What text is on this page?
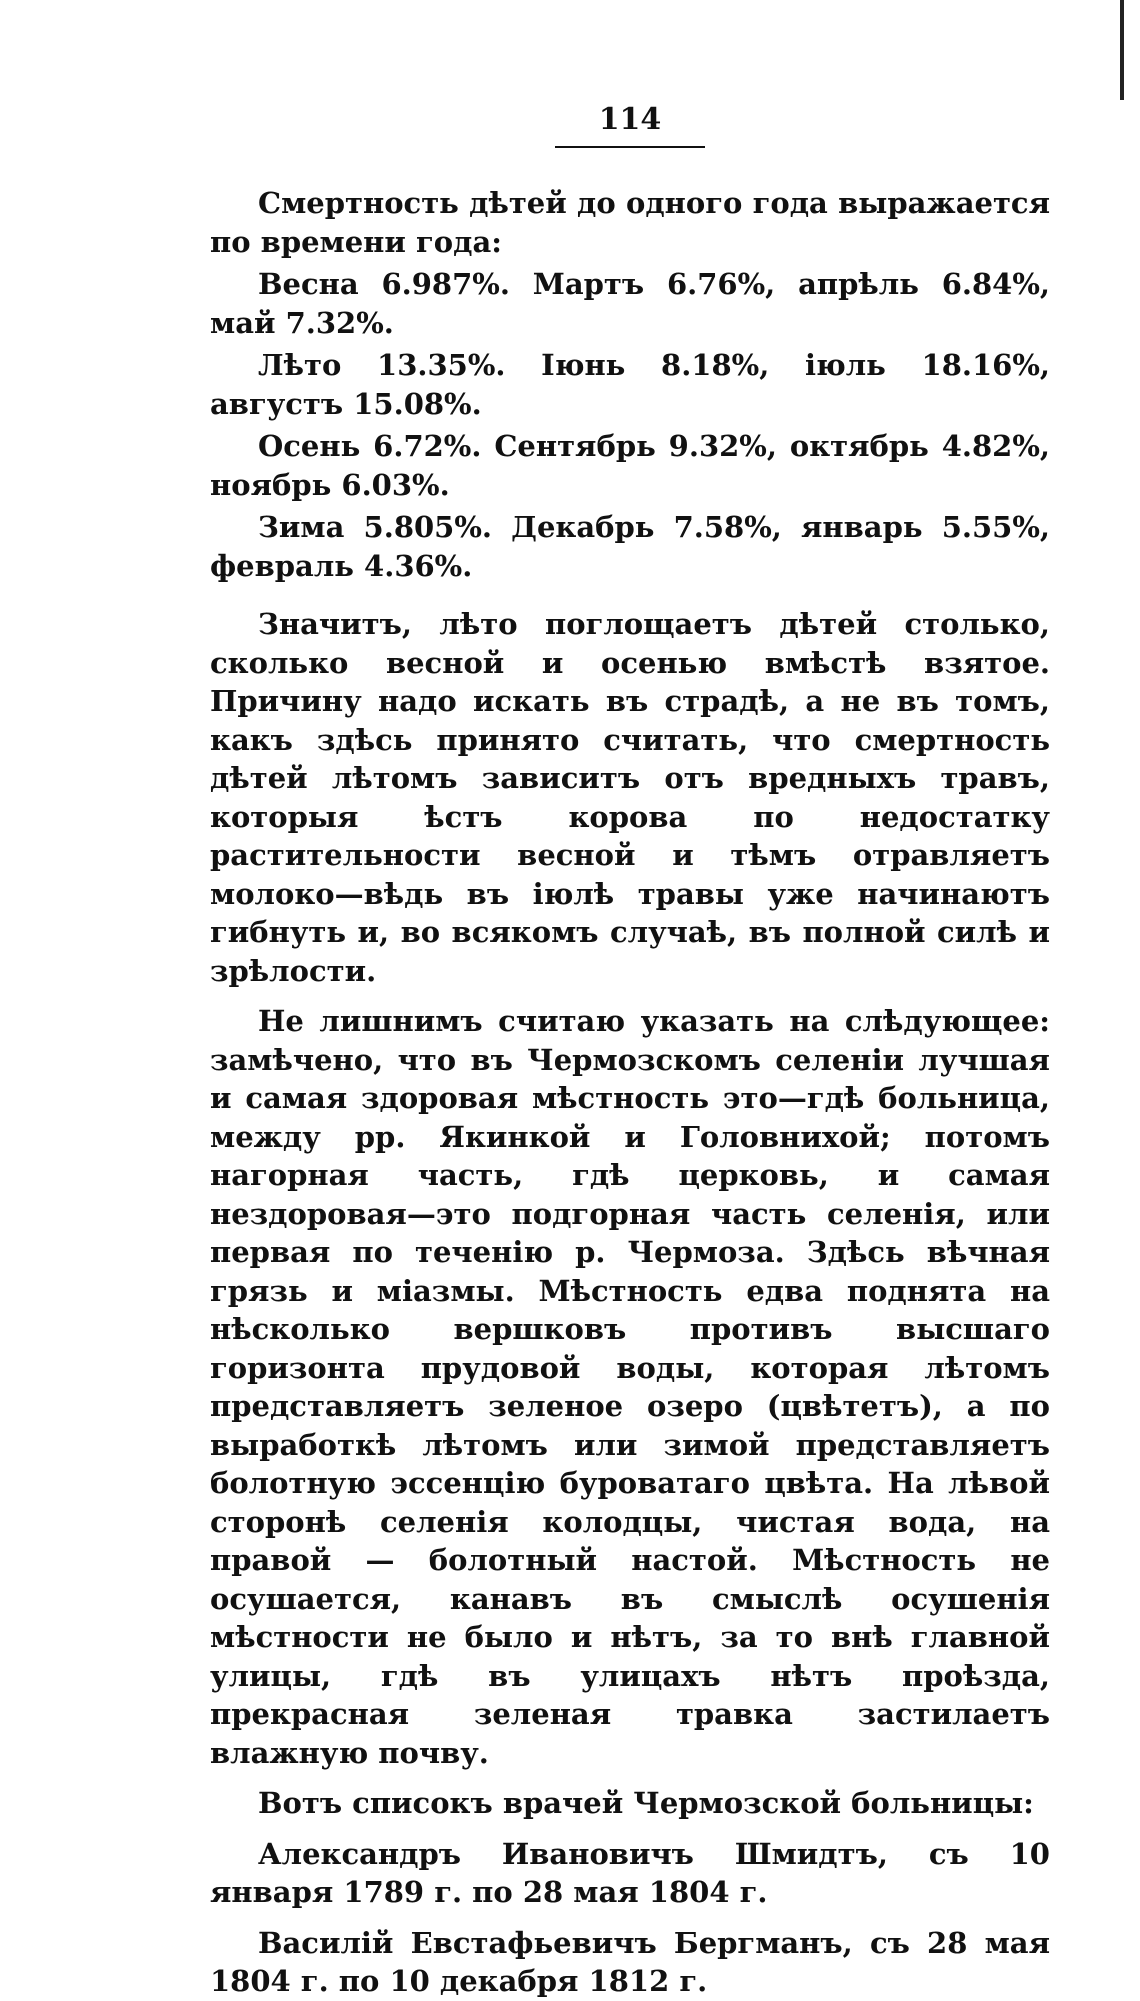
114

Смертность дѣтей до одного года выражается по времени года:

Весна 6.987%. Мартъ 6.76%, апрѣль 6.84%, май 7.32%.

Лѣто 13.35%. Іюнь 8.18%, іюль 18.16%, августъ 15.08%.

Осень 6.72%. Сентябрь 9.32%, октябрь 4.82%, ноябрь 6.03%.

Зима 5.805%. Декабрь 7.58%, январь 5.55%, февраль 4.36%.

Значитъ, лѣто поглощаетъ дѣтей столько, сколько весной и осенью вмѣстѣ взятое. Причину надо искать въ страдѣ, а не въ томъ, какъ здѣсь принято считать, что смертность дѣтей лѣтомъ зависитъ отъ вредныхъ травъ, которыя ѣстъ корова по недостатку растительности весной и тѣмъ отравляетъ молоко—вѣдь въ іюлѣ травы уже начинаютъ гибнуть и, во всякомъ случаѣ, въ полной силѣ и зрѣлости.

Не лишнимъ считаю указать на слѣдующее: замѣчено, что въ Чермозскомъ селеніи лучшая и самая здоровая мѣстность это—гдѣ больница, между рр. Якинкой и Головнихой; потомъ нагорная часть, гдѣ церковь, и самая нездоровая—это подгорная часть селенія, или первая по теченію р. Чермоза. Здѣсь вѣчная грязь и міазмы. Мѣстность едва поднята на нѣсколько вершковъ противъ высшаго горизонта прудовой воды, которая лѣтомъ представляетъ зеленое озеро (цвѣтетъ), а по выработкѣ лѣтомъ или зимой представляетъ болотную эссенцію буроватаго цвѣта. На лѣвой сторонѣ селенія колодцы, чистая вода, на правой — болотный настой. Мѣстность не осушается, канавъ въ смыслѣ осушенія мѣстности не было и нѣтъ, за то внѣ главной улицы, гдѣ въ улицахъ нѣтъ проѣзда, прекрасная зеленая травка застилаетъ влажную почву.

Вотъ списокъ врачей Чермозской больницы:

Александръ Ивановичъ Шмидтъ, съ 10 января 1789 г. по 28 мая 1804 г.

Василій Евстафьевичъ Бергманъ, съ 28 мая 1804 г. по 10 декабря 1812 г.
